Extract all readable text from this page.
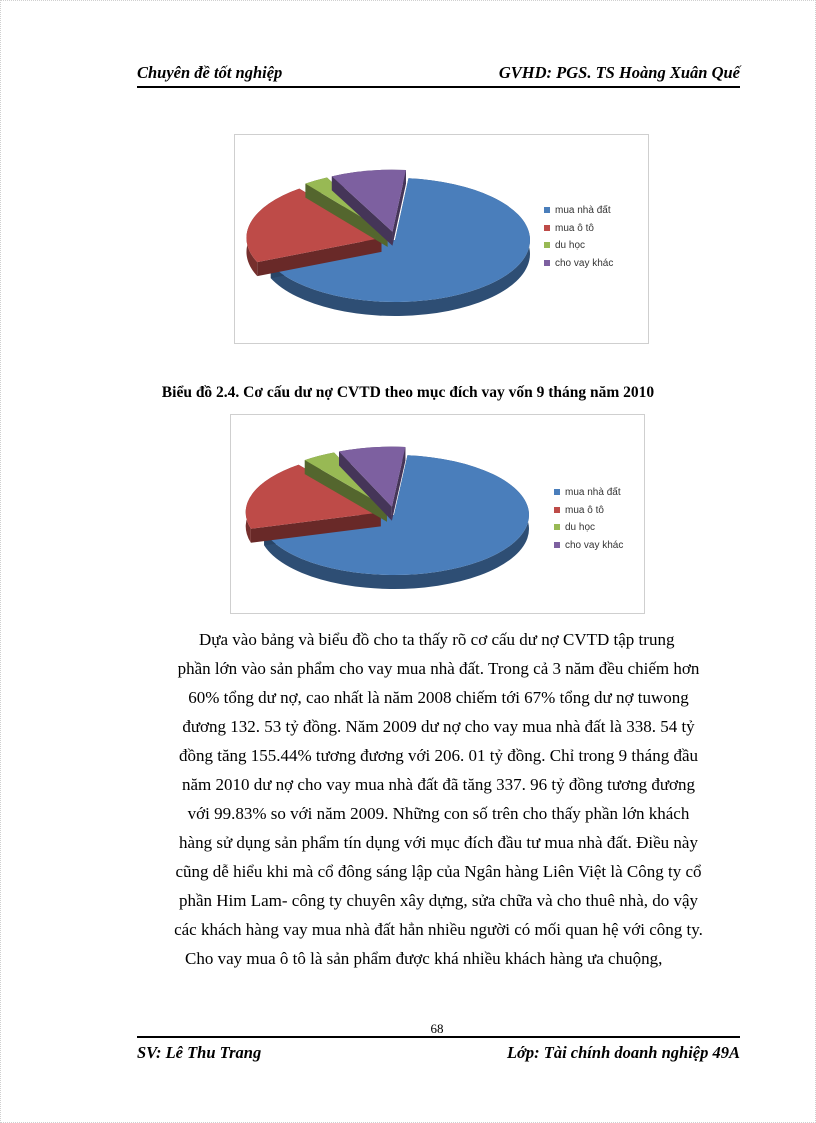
Chuyên đề tốt nghiệp	GVHD: PGS. TS Hoàng Xuân Quế
mua nhà đất
mua ô tô
du học
cho vay khác
Biểu đồ 2.4. Cơ cấu dư nợ CVTD theo mục đích vay vốn 9 tháng năm 2010
mua nhà đất
mua ô tô
du học
cho vay khác
Dựa vào bảng và biểu đồ cho ta thấy rõ cơ cấu dư nợ CVTD tập trung
phần lớn vào sản phẩm cho vay mua nhà đất. Trong cả 3 năm đều chiếm hơn
60% tổng dư nợ, cao nhất là năm 2008 chiếm tới 67% tổng dư nợ tuwong
đương 132. 53 tỷ đồng. Năm 2009 dư nợ cho vay mua nhà đất là 338. 54 tỷ
đồng tăng 155.44% tương đương với 206. 01 tỷ đồng. Chỉ trong 9 tháng đầu
năm 2010 dư nợ cho vay mua nhà đất đã tăng 337. 96 tỷ đồng tương đương
với 99.83% so với năm 2009. Những con số trên cho thấy phần lớn khách
hàng sử dụng sản phẩm tín dụng với mục đích đầu tư mua nhà đất. Điều này
cũng dễ hiểu khi mà cổ đông sáng lập của Ngân hàng Liên Việt là Công ty cổ
phần Him Lam- công ty chuyên xây dựng, sửa chữa và cho thuê nhà, do vậy
các khách hàng vay mua nhà đất hẳn nhiều người có mối quan hệ với công ty.
Cho vay mua ô tô là sản phẩm được khá nhiều khách hàng ưa chuộng,
68
SV: Lê Thu Trang	Lớp: Tài chính doanh nghiệp 49A
